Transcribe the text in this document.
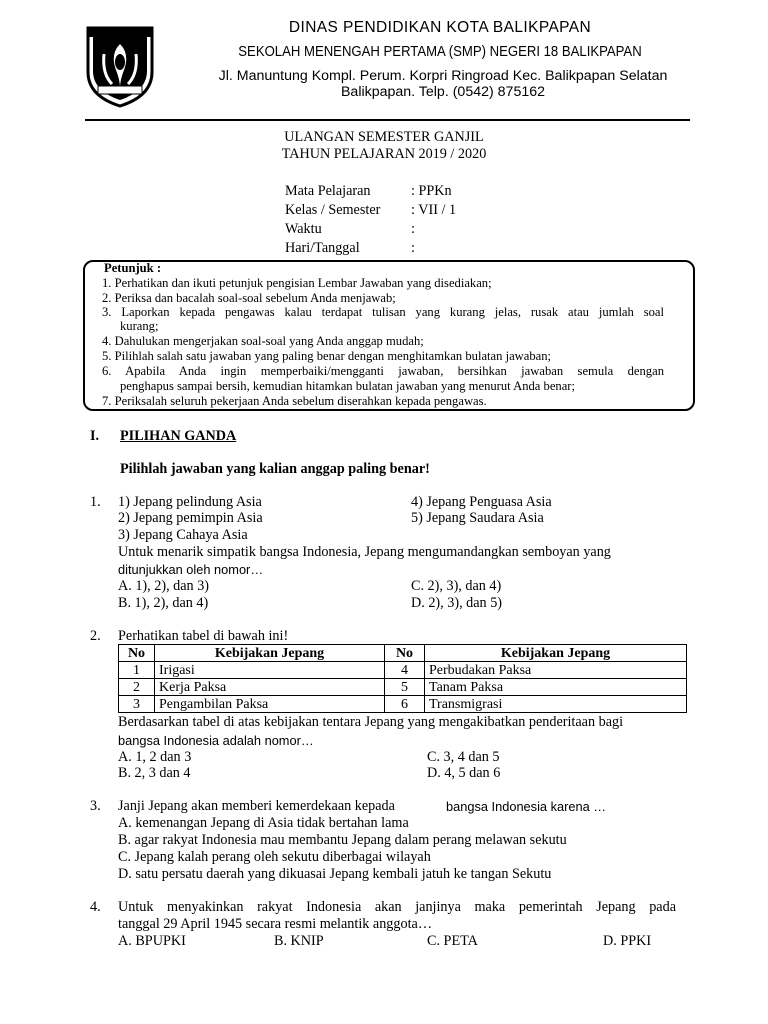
DINAS PENDIDIKAN KOTA BALIKPAPAN
SEKOLAH MENENGAH PERTAMA (SMP) NEGERI 18 BALIKPAPAN
Jl. Manuntung Kompl. Perum. Korpri Ringroad Kec. Balikpapan Selatan
Balikpapan. Telp. (0542) 875162
ULANGAN SEMESTER GANJIL
TAHUN PELAJARAN 2019 / 2020
Mata Pelajaran	: PPKn
Kelas / Semester : VII / 1
Waktu	:
Hari/Tanggal	:
Petunjuk :
1. Perhatikan dan ikuti petunjuk pengisian Lembar Jawaban yang disediakan;
2. Periksa dan bacalah soal-soal sebelum Anda menjawab;
3. Laporkan kepada pengawas kalau terdapat tulisan yang kurang jelas, rusak atau jumlah soal
kurang;
4. Dahulukan mengerjakan soal-soal yang Anda anggap mudah;
5. Pilihlah salah satu jawaban yang paling benar dengan menghitamkan bulatan jawaban;
6. Apabila Anda ingin memperbaiki/mengganti jawaban, bersihkan jawaban semula dengan
penghapus sampai bersih, kemudian hitamkan bulatan jawaban yang menurut Anda benar;
7. Periksalah seluruh pekerjaan Anda sebelum diserahkan kepada pengawas.
I. PILIHAN GANDA
Pilihlah jawaban yang kalian anggap paling benar!
1. 1) Jepang pelindung Asia
2) Jepang pemimpin Asia
3) Jepang Cahaya Asia
4) Jepang Penguasa Asia
5) Jepang Saudara Asia
Untuk menarik simpatik bangsa Indonesia, Jepang mengumandangkan semboyan yang
ditunjukkan oleh nomor…
A. 1), 2), dan 3)
B. 1), 2), dan 4)
C. 2), 3), dan 4)
D. 2), 3), dan 5)
2. Perhatikan tabel di bawah ini!
No	Kebijakan Jepang	No	Kebijakan Jepang
1	Irigasi	4	Perbudakan Paksa
2	Kerja Paksa	5	Tanam Paksa
3	Pengambilan Paksa	6	Transmigrasi
Berdasarkan tabel di atas kebijakan tentara Jepang yang mengakibatkan penderitaan bagi
bangsa Indonesia adalah nomor…
A. 1, 2 dan 3
B. 2, 3 dan 4
C. 3, 4 dan 5
D. 4, 5 dan 6
3. Janji Jepang akan memberi kemerdekaan kepada	bangsa Indonesia karena …
A. kemenangan Jepang di Asia tidak bertahan lama
B. agar rakyat Indonesia mau membantu Jepang dalam perang melawan sekutu
C. Jepang kalah perang oleh sekutu diberbagai wilayah
D. satu persatu daerah yang dikuasai Jepang kembali jatuh ke tangan Sekutu
4. Untuk menyakinkan rakyat Indonesia akan janjinya maka pemerintah Jepang pada
tanggal 29 April 1945 secara resmi melantik anggota…
A. BPUPKI	B. KNIP	C. PETA	D. PPKI
